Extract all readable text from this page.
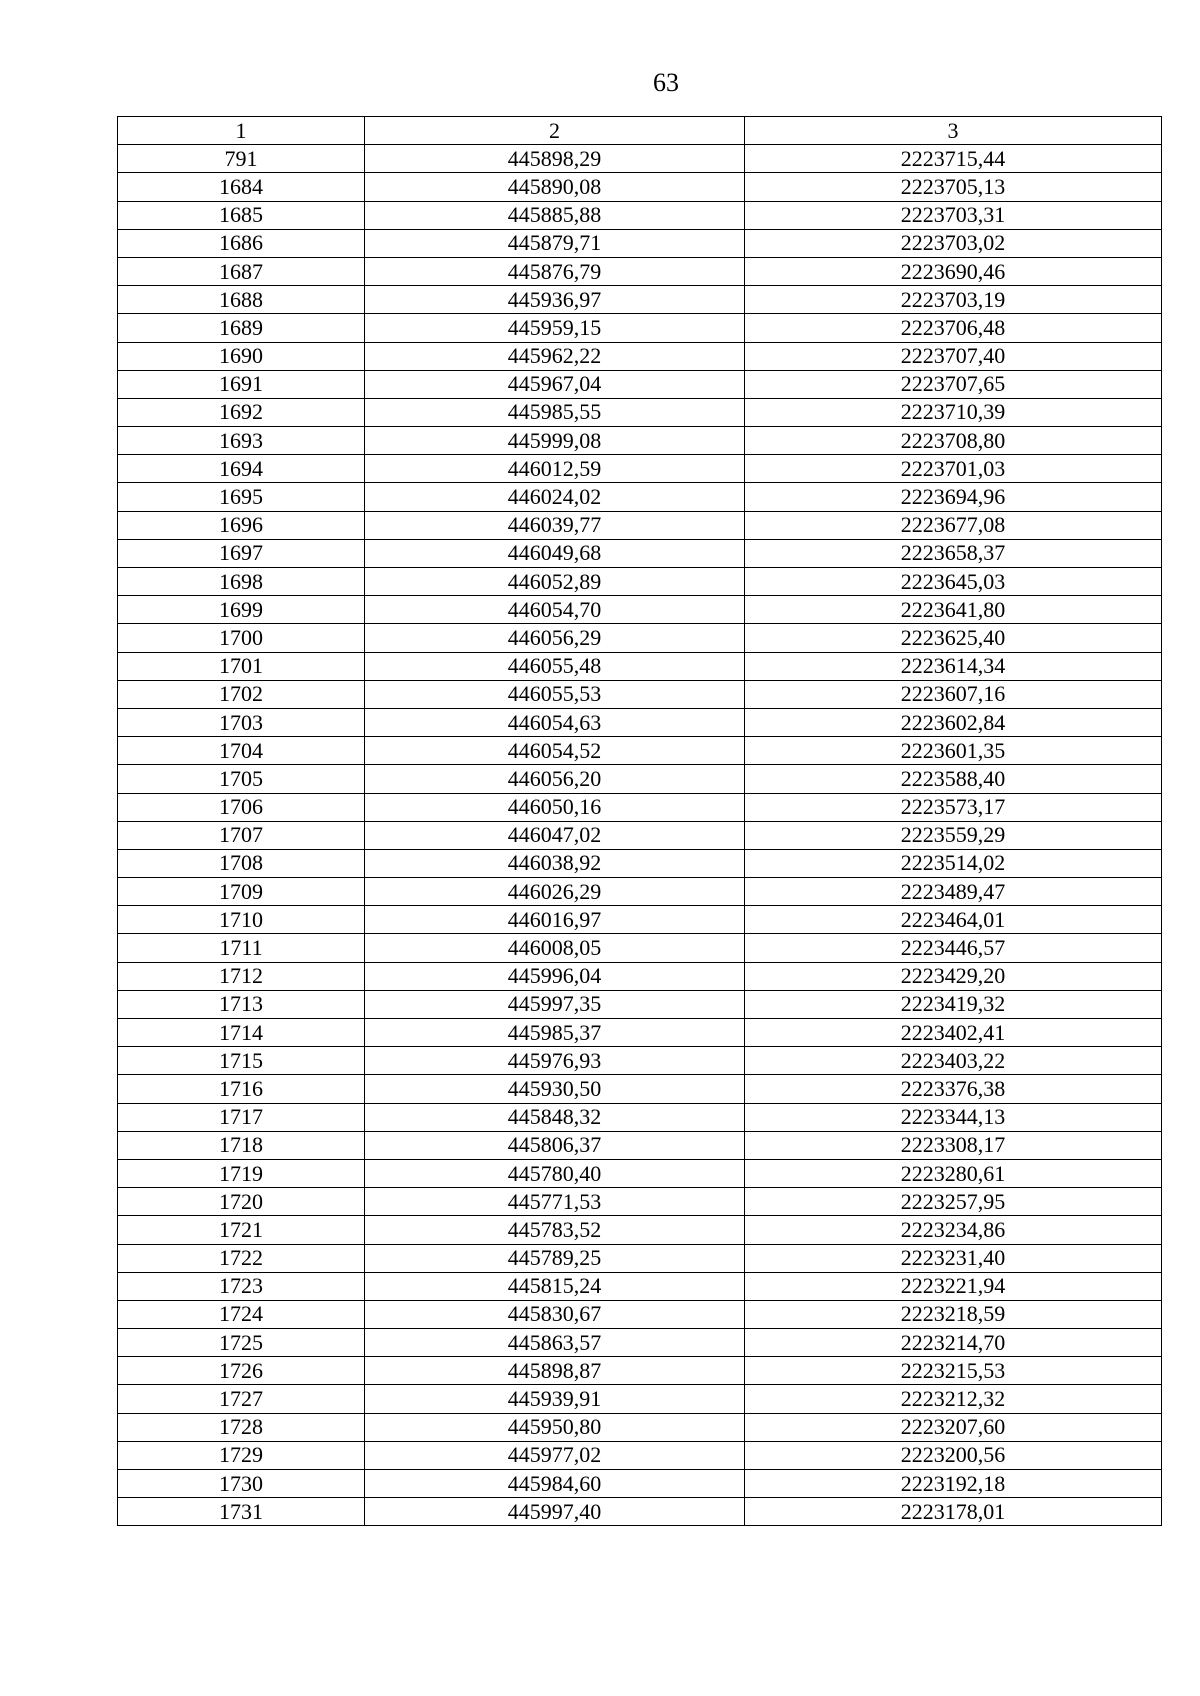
63
1	2	3
791	445898,29	2223715,44
1684	445890,08	2223705,13
1685	445885,88	2223703,31
1686	445879,71	2223703,02
1687	445876,79	2223690,46
1688	445936,97	2223703,19
1689	445959,15	2223706,48
1690	445962,22	2223707,40
1691	445967,04	2223707,65
1692	445985,55	2223710,39
1693	445999,08	2223708,80
1694	446012,59	2223701,03
1695	446024,02	2223694,96
1696	446039,77	2223677,08
1697	446049,68	2223658,37
1698	446052,89	2223645,03
1699	446054,70	2223641,80
1700	446056,29	2223625,40
1701	446055,48	2223614,34
1702	446055,53	2223607,16
1703	446054,63	2223602,84
1704	446054,52	2223601,35
1705	446056,20	2223588,40
1706	446050,16	2223573,17
1707	446047,02	2223559,29
1708	446038,92	2223514,02
1709	446026,29	2223489,47
1710	446016,97	2223464,01
1711	446008,05	2223446,57
1712	445996,04	2223429,20
1713	445997,35	2223419,32
1714	445985,37	2223402,41
1715	445976,93	2223403,22
1716	445930,50	2223376,38
1717	445848,32	2223344,13
1718	445806,37	2223308,17
1719	445780,40	2223280,61
1720	445771,53	2223257,95
1721	445783,52	2223234,86
1722	445789,25	2223231,40
1723	445815,24	2223221,94
1724	445830,67	2223218,59
1725	445863,57	2223214,70
1726	445898,87	2223215,53
1727	445939,91	2223212,32
1728	445950,80	2223207,60
1729	445977,02	2223200,56
1730	445984,60	2223192,18
1731	445997,40	2223178,01
